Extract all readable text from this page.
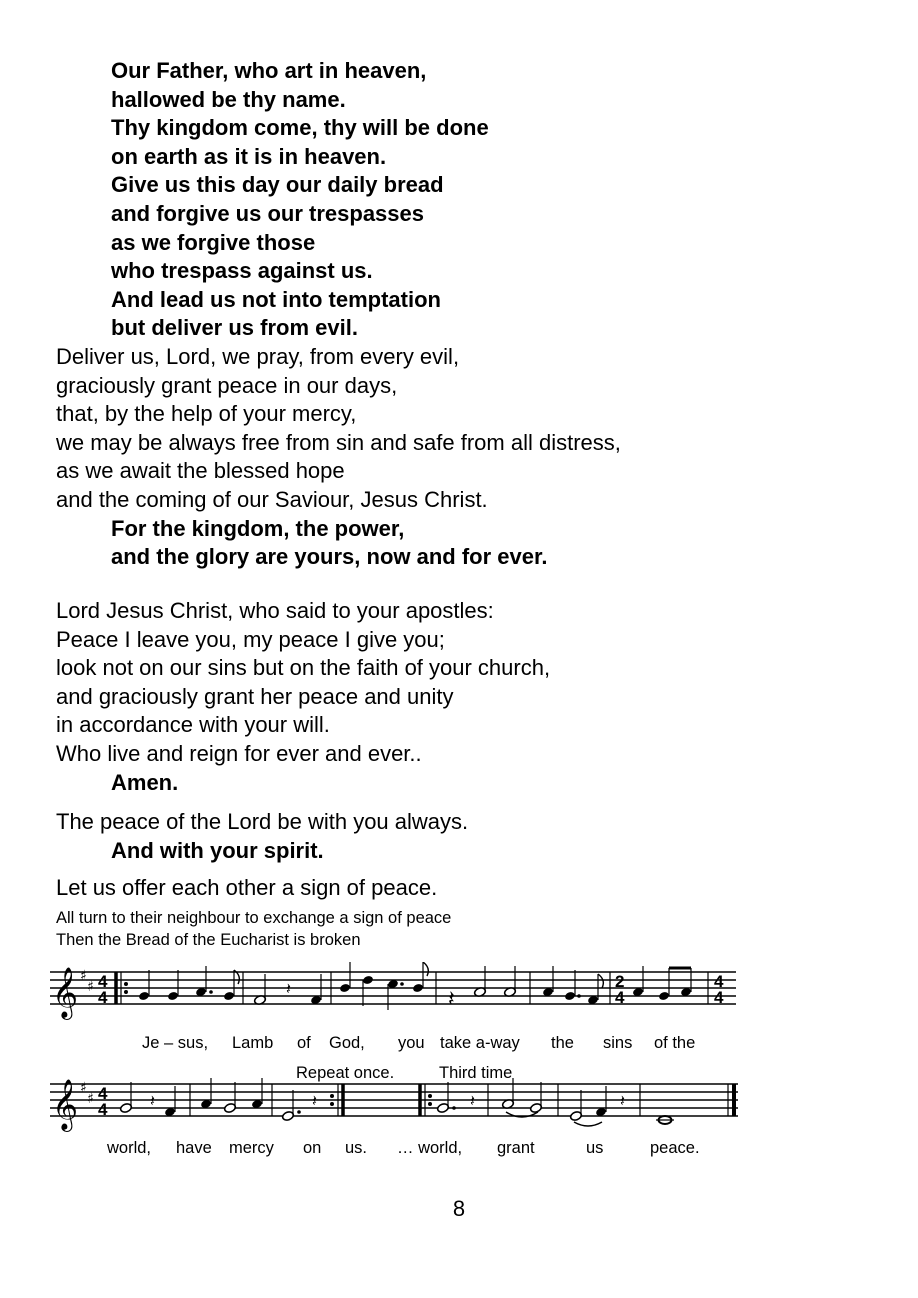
Our Father, who art in heaven,
hallowed be thy name.
Thy kingdom come, thy will be done
on earth as it is in heaven.
Give us this day our daily bread
and forgive us our trespasses
as we forgive those
who trespass against us.
And lead us not into temptation
but deliver us from evil.
Deliver us, Lord, we pray, from every evil,
graciously grant peace in our days,
that, by the help of your mercy,
we may be always free from sin and safe from all distress,
as we await the blessed hope
and the coming of our Saviour, Jesus Christ.
For the kingdom, the power,
and the glory are yours, now and for ever.
Lord Jesus Christ, who said to your apostles:
Peace I leave you, my peace I give you;
look not on our sins but on the faith of your church,
and graciously grant her peace and unity
in accordance with your will.
Who live and reign for ever and ever..
Amen.
The peace of the Lord be with you always.
And with your spirit.
Let us offer each other a sign of peace.
All turn to their neighbour to exchange a sign of peace
Then the Bread of the Eucharist is broken
𝄞 ♯
♯ 4
4	𝄽	𝄽
2
4
4
4
Je – sus, Lamb of God, you take a-way the sins of the
Repeat once.	Third time
𝄞 ♯
♯ 4
4	𝄽	𝄽	𝄽	𝄽
world, have mercy on us. … world, grant	us	peace.
8
